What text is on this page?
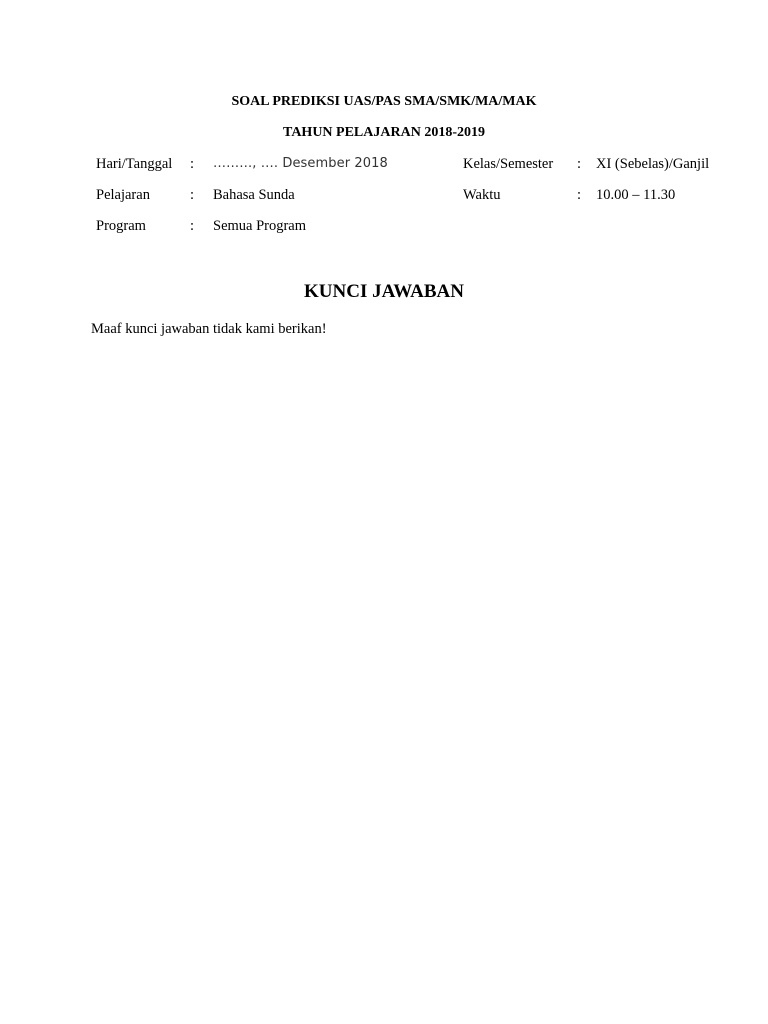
SOAL PREDIKSI UAS/PAS SMA/SMK/MA/MAK
TAHUN PELAJARAN 2018-2019
Hari/Tanggal : ………, …. Desember 2018	Kelas/Semester : XI (Sebelas)/Ganjil
Pelajaran	: Bahasa Sunda	Waktu	: 10.00 – 11.30
Program	: Semua Program
KUNCI JAWABAN
Maaf kunci jawaban tidak kami berikan!
